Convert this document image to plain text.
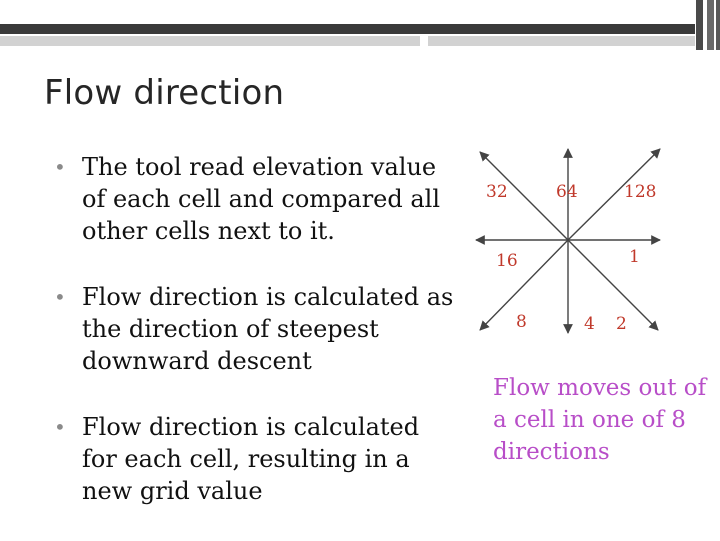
Flow direction
• The tool read elevation value of each cell and compared all other cells next to it.
• Flow direction is calculated as the direction of steepest downward descent
• Flow direction is calculated for each cell, resulting in a new grid value
32	64	128
16	1
8	4 2
Flow moves out of a cell in one of 8 directions
